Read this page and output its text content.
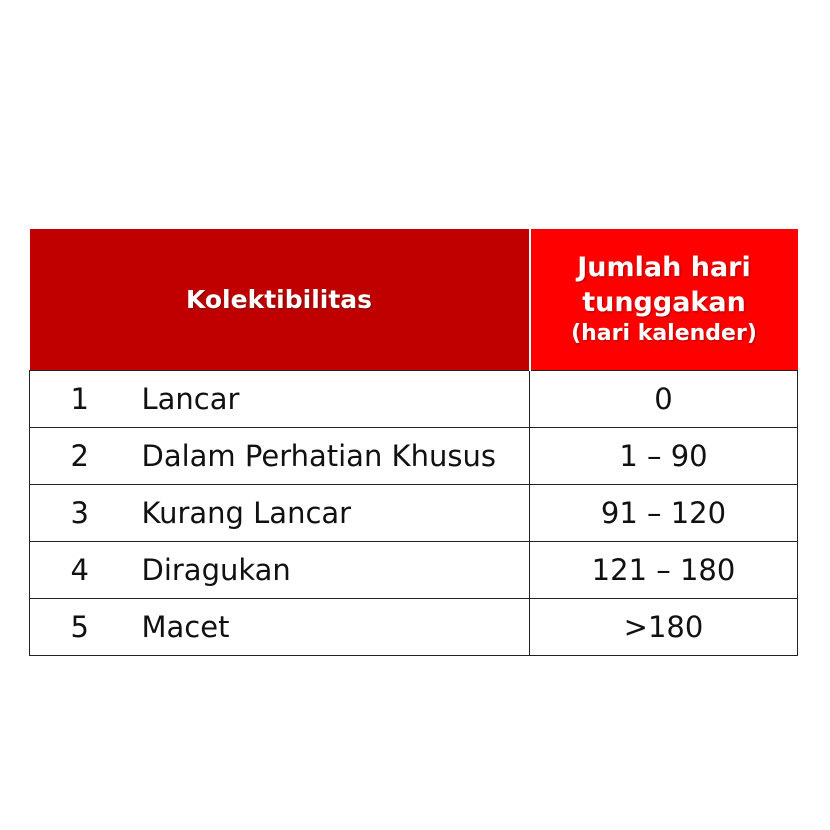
Kolektibilitas		Jumlah hari
tunggakan
(hari kalender)

1	Lancar	0
2	Dalam Perhatian Khusus	1 – 90
3	Kurang Lancar	91 – 120
4	Diragukan	121 – 180
5	Macet	>180
